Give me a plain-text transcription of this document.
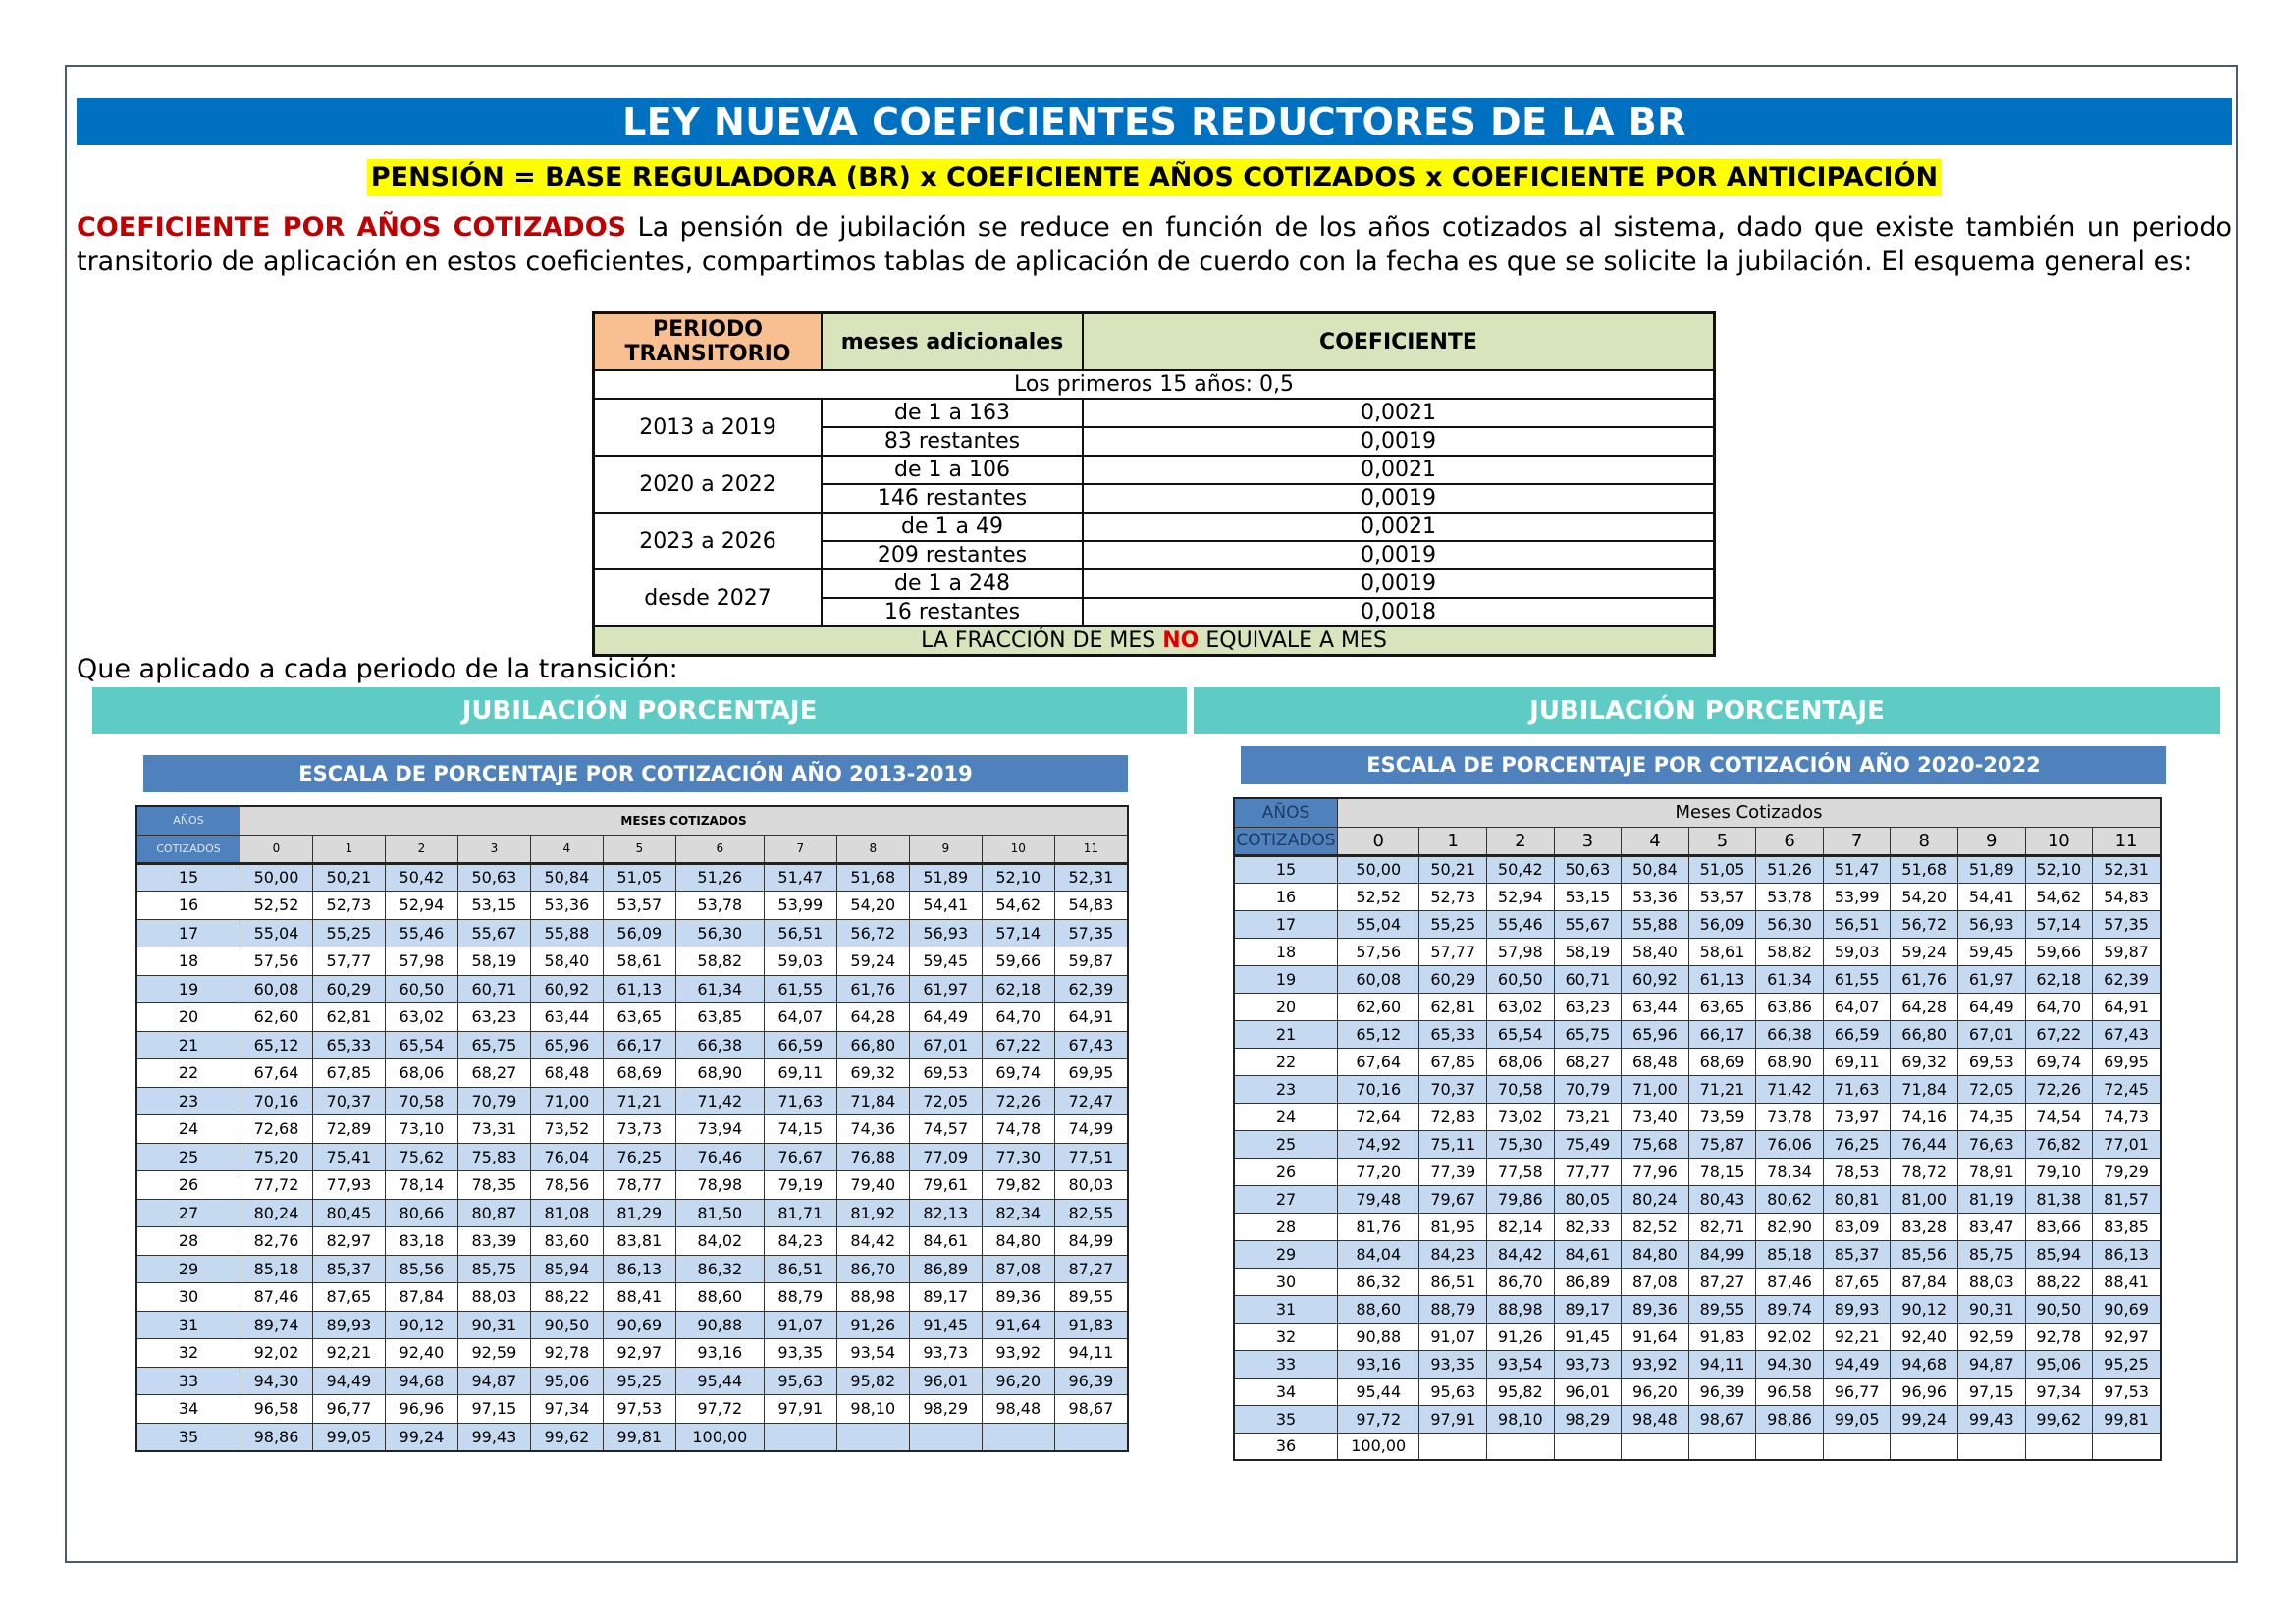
LEY NUEVA COEFICIENTES REDUCTORES DE LA BR
PENSIÓN = BASE REGULADORA (BR) x COEFICIENTE AÑOS COTIZADOS x COEFICIENTE POR ANTICIPACIÓN
COEFICIENTE POR AÑOS COTIZADOS La pensión de jubilación se reduce en función de los años cotizados al sistema, dado que existe también un periodo transitorio de aplicación en estos coeficientes, compartimos tablas de aplicación de cuerdo con la fecha es que se solicite la jubilación. El esquema general es:
PERIODO TRANSITORIO	meses adicionales	COEFICIENTE
Los primeros 15 años: 0,5		
2013 a 2019	de 1 a 163	0,0021
	83 restantes	0,0019
2020 a 2022	de 1 a 106	0,0021
	146 restantes	0,0019
2023 a 2026	de 1 a 49	0,0021
	209 restantes	0,0019
desde 2027	de 1 a 248	0,0019
	16 restantes	0,0018
LA FRACCIÓN DE MES NO EQUIVALE A MES		
Que aplicado a cada periodo de la transición:
JUBILACIÓN PORCENTAJE	JUBILACIÓN PORCENTAJE
ESCALA DE PORCENTAJE POR COTIZACIÓN AÑO 2013-2019	ESCALA DE PORCENTAJE POR COTIZACIÓN AÑO 2020-2022
AÑOS	MESES COTIZADOS											
COTIZADOS	0	1	2	3	4	5	6	7	8	9	10	11
15	50,00	50,21	50,42	50,63	50,84	51,05	51,26	51,47	51,68	51,89	52,10	52,31
16	52,52	52,73	52,94	53,15	53,36	53,57	53,78	53,99	54,20	54,41	54,62	54,83
17	55,04	55,25	55,46	55,67	55,88	56,09	56,30	56,51	56,72	56,93	57,14	57,35
18	57,56	57,77	57,98	58,19	58,40	58,61	58,82	59,03	59,24	59,45	59,66	59,87
19	60,08	60,29	60,50	60,71	60,92	61,13	61,34	61,55	61,76	61,97	62,18	62,39
20	62,60	62,81	63,02	63,23	63,44	63,65	63,85	64,07	64,28	64,49	64,70	64,91
21	65,12	65,33	65,54	65,75	65,96	66,17	66,38	66,59	66,80	67,01	67,22	67,43
22	67,64	67,85	68,06	68,27	68,48	68,69	68,90	69,11	69,32	69,53	69,74	69,95
23	70,16	70,37	70,58	70,79	71,00	71,21	71,42	71,63	71,84	72,05	72,26	72,47
24	72,68	72,89	73,10	73,31	73,52	73,73	73,94	74,15	74,36	74,57	74,78	74,99
25	75,20	75,41	75,62	75,83	76,04	76,25	76,46	76,67	76,88	77,09	77,30	77,51
26	77,72	77,93	78,14	78,35	78,56	78,77	78,98	79,19	79,40	79,61	79,82	80,03
27	80,24	80,45	80,66	80,87	81,08	81,29	81,50	81,71	81,92	82,13	82,34	82,55
28	82,76	82,97	83,18	83,39	83,60	83,81	84,02	84,23	84,42	84,61	84,80	84,99
29	85,18	85,37	85,56	85,75	85,94	86,13	86,32	86,51	86,70	86,89	87,08	87,27
30	87,46	87,65	87,84	88,03	88,22	88,41	88,60	88,79	88,98	89,17	89,36	89,55
31	89,74	89,93	90,12	90,31	90,50	90,69	90,88	91,07	91,26	91,45	91,64	91,83
32	92,02	92,21	92,40	92,59	92,78	92,97	93,16	93,35	93,54	93,73	93,92	94,11
33	94,30	94,49	94,68	94,87	95,06	95,25	95,44	95,63	95,82	96,01	96,20	96,39
34	96,58	96,77	96,96	97,15	97,34	97,53	97,72	97,91	98,10	98,29	98,48	98,67
35	98,86	99,05	99,24	99,43	99,62	99,81	100,00					
AÑOS	Meses Cotizados											
COTIZADOS	0	1	2	3	4	5	6	7	8	9	10	11
15	50,00	50,21	50,42	50,63	50,84	51,05	51,26	51,47	51,68	51,89	52,10	52,31
16	52,52	52,73	52,94	53,15	53,36	53,57	53,78	53,99	54,20	54,41	54,62	54,83
17	55,04	55,25	55,46	55,67	55,88	56,09	56,30	56,51	56,72	56,93	57,14	57,35
18	57,56	57,77	57,98	58,19	58,40	58,61	58,82	59,03	59,24	59,45	59,66	59,87
19	60,08	60,29	60,50	60,71	60,92	61,13	61,34	61,55	61,76	61,97	62,18	62,39
20	62,60	62,81	63,02	63,23	63,44	63,65	63,86	64,07	64,28	64,49	64,70	64,91
21	65,12	65,33	65,54	65,75	65,96	66,17	66,38	66,59	66,80	67,01	67,22	67,43
22	67,64	67,85	68,06	68,27	68,48	68,69	68,90	69,11	69,32	69,53	69,74	69,95
23	70,16	70,37	70,58	70,79	71,00	71,21	71,42	71,63	71,84	72,05	72,26	72,45
24	72,64	72,83	73,02	73,21	73,40	73,59	73,78	73,97	74,16	74,35	74,54	74,73
25	74,92	75,11	75,30	75,49	75,68	75,87	76,06	76,25	76,44	76,63	76,82	77,01
26	77,20	77,39	77,58	77,77	77,96	78,15	78,34	78,53	78,72	78,91	79,10	79,29
27	79,48	79,67	79,86	80,05	80,24	80,43	80,62	80,81	81,00	81,19	81,38	81,57
28	81,76	81,95	82,14	82,33	82,52	82,71	82,90	83,09	83,28	83,47	83,66	83,85
29	84,04	84,23	84,42	84,61	84,80	84,99	85,18	85,37	85,56	85,75	85,94	86,13
30	86,32	86,51	86,70	86,89	87,08	87,27	87,46	87,65	87,84	88,03	88,22	88,41
31	88,60	88,79	88,98	89,17	89,36	89,55	89,74	89,93	90,12	90,31	90,50	90,69
32	90,88	91,07	91,26	91,45	91,64	91,83	92,02	92,21	92,40	92,59	92,78	92,97
33	93,16	93,35	93,54	93,73	93,92	94,11	94,30	94,49	94,68	94,87	95,06	95,25
34	95,44	95,63	95,82	96,01	96,20	96,39	96,58	96,77	96,96	97,15	97,34	97,53
35	97,72	97,91	98,10	98,29	98,48	98,67	98,86	99,05	99,24	99,43	99,62	99,81
36	100,00											
